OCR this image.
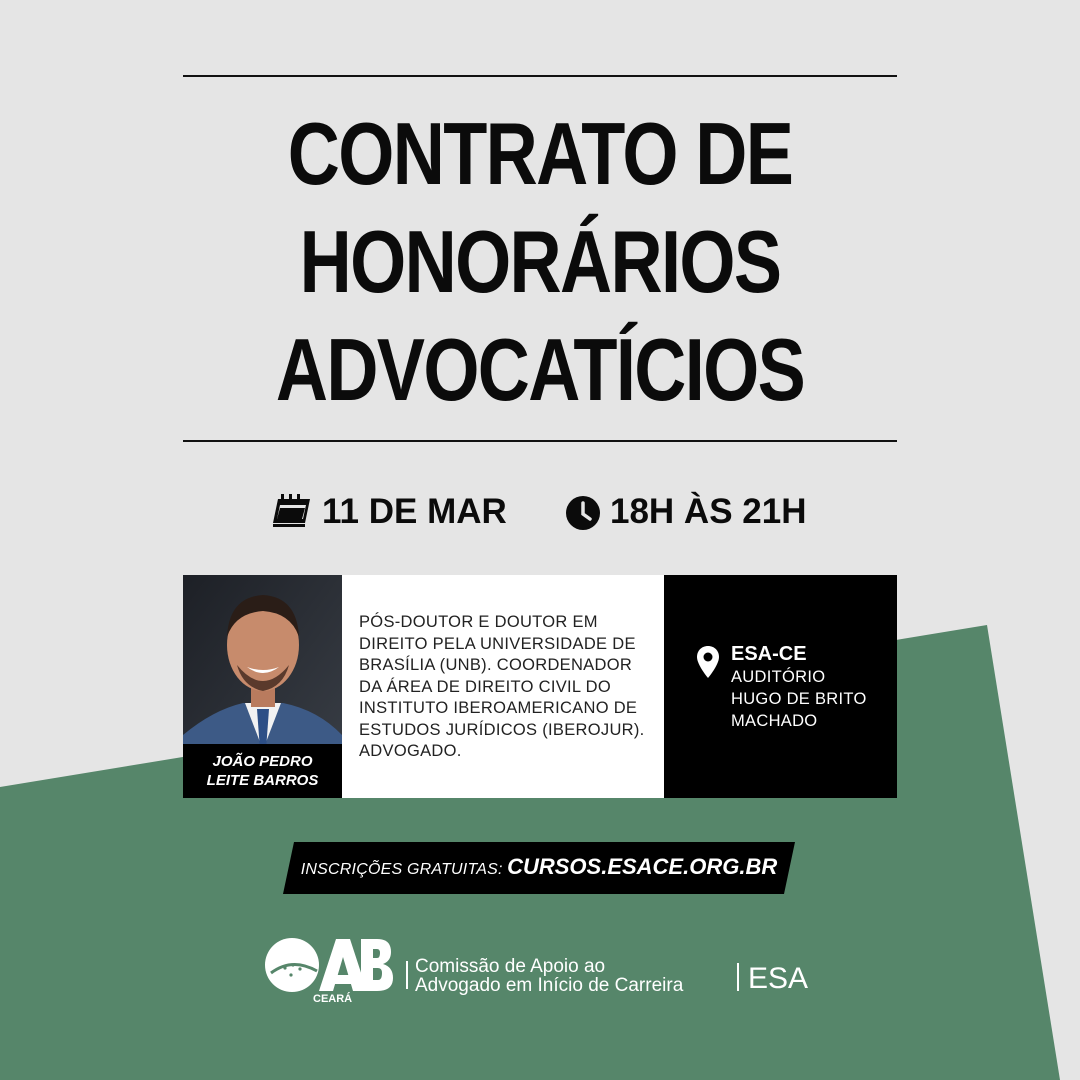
CONTRATO DE
HONORÁRIOS
ADVOCATÍCIOS
11 DE MAR	18H ÀS 21H
JOÃO PEDRO
LEITE BARROS
PÓS-DOUTOR E DOUTOR EM DIREITO PELA UNIVERSIDADE DE BRASÍLIA (UNB). COORDENADOR DA ÁREA DE DIREITO CIVIL DO INSTITUTO IBEROAMERICANO DE ESTUDOS JURÍDICOS (IBEROJUR). ADVOGADO.
ESA-CE
AUDITÓRIO
HUGO DE BRITO
MACHADO
INSCRIÇÕES GRATUITAS: CURSOS.ESACE.ORG.BR
CEARÁ
Comissão de Apoio ao
Advogado em Início de Carreira ESA
